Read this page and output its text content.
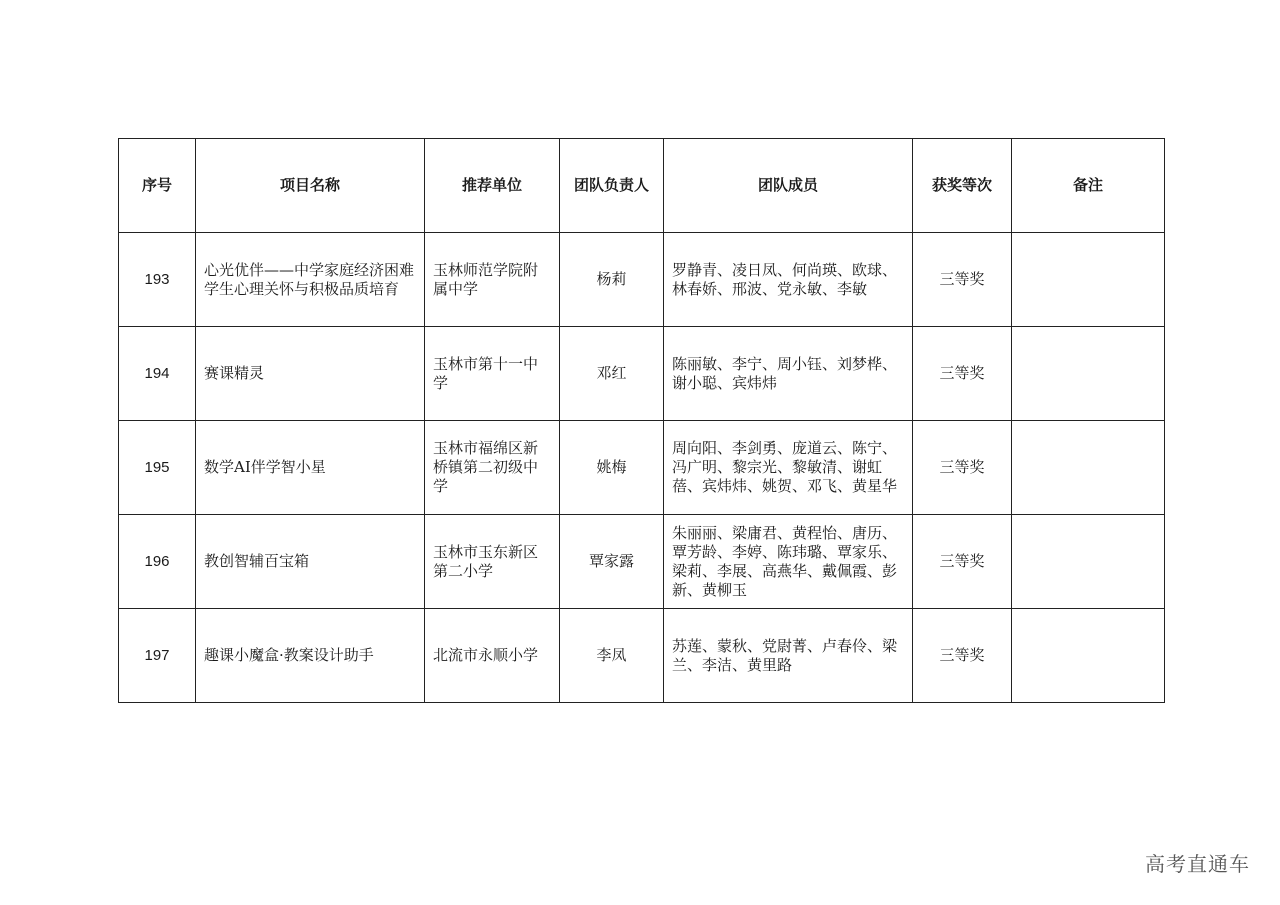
序号	项目名称	推荐单位	团队负责人	团队成员	获奖等次	备注
193	心光优伴——中学家庭经济困难学生心理关怀与积极品质培育	玉林师范学院附属中学	杨莉	罗静青、凌日凤、何尚瑛、欧球、林春娇、邢波、党永敏、李敏	三等奖	
194	赛课精灵	玉林市第十一中学	邓红	陈丽敏、李宁、周小钰、刘梦桦、谢小聪、宾炜炜	三等奖	
195	数学AI伴学智小星	玉林市福绵区新桥镇第二初级中学	姚梅	周向阳、李剑勇、庞道云、陈宁、冯广明、黎宗光、黎敏清、谢虹蓓、宾炜炜、姚贺、邓飞、黄星华	三等奖	
196	教创智辅百宝箱	玉林市玉东新区第二小学	覃家露	朱丽丽、梁庸君、黄程怡、唐历、覃芳龄、李婷、陈玮璐、覃家乐、梁莉、李展、高燕华、戴佩霞、彭新、黄柳玉	三等奖	
197	趣课小魔盒·教案设计助手	北流市永顺小学	李凤	苏莲、蒙秋、党尉菁、卢春伶、梁兰、李洁、黄里路	三等奖	
高考直通车
